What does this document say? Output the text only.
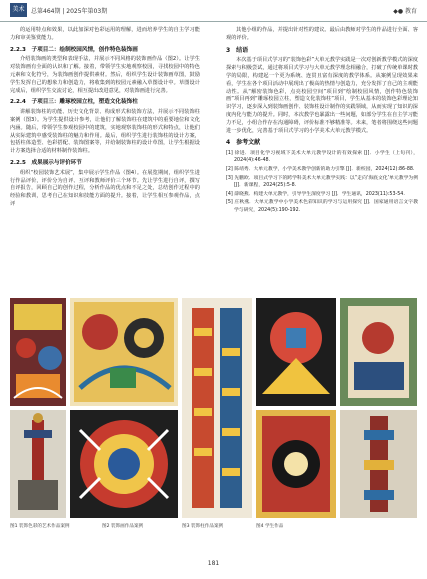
美术	总第464期 | 2025年第03期	◆● 教育

的运用特点和效果，以此加深对色彩运用的理解，进而培养学生的自主学习能力和审美鉴赏能力。

2.2.3　子项目二：绘制校园风情，创作特色装饰画

介绍装饰画的类型和表现手法，并展示不同风格的装饰画作品（图2）。让学生对装饰画有全面的认识和了解。接着，带领学生实地观察校园，寻找校园中的特色元素和文化符号，为装饰画创作提供素材。然后，组织学生设计装饰画草图，鼓励学生发挥自己的想象力和创造力，将收集到的校园元素融入草图设计中。草图设计完成后，组织学生交流讨论，相互提出改进意见，对装饰画进行完善。

2.2.4　子项目三：雕琢校园立柱，塑造文化装饰柱

讲解装饰柱的功能、历史文化背景、构成形式和装饰方法，并展示不同装饰柱案例（图3）。为学生提供设计参考，让他们了解装饰柱在建筑中的重要地位和文化内涵。随后，带领学生参观校园中的建筑，实地观察装饰柱的形式和特点，让他们从实际建筑中感受装饰柱的魅力和作用。最后，组织学生进行装饰柱的设计方案，包括柱体造型、色彩搭配、装饰图案等，并给制装饰柱的设计草图，让学生根据设计方案选择合适的材料制作装饰柱。

2.2.5　成果展示与评价环节

组织“校园装饰艺术展”，集中展示学生作品（图4）。在展览期间，组织学生进行作品评价，评价分为自评、互评和教师评价三个环节。先让学生进行自评，撰写自评报告，回顾自己的创作过程，分析作品的优点和不足之处，总结创作过程中的经验和教训，思考自己在知识和技能方面的提升。接着，让学生相互参观作品，点评

其他小组的作品，并提出针对性的建议。最后由教师对学生的作品进行全面、客观的评价。

3　结语

本次基于项目式学习的“装饰色彩”大单元教学实践是一次对创新教学模式的深度探索与积极尝试，通过将项目式学习与大单元教学理念相融合，打破了传统单课时教学的局限，构建起一个更为系统、连贯且富有深度的教学体系。从案例呈现效果来看，学生在各个项目活动中展现出了极高的热情与创造力，充分发挥了自己的主观能动性。从“解密装饰色彩，点亮校园空间”项目到“绘制校园风情，创作特色装饰画”项目再到“雕琢校园立柱，塑造文化装饰柱”项目，学生从基本的装饰色彩理论知识学习，逐步深入到装饰画创作、装饰柱设计制作的实践领域，从而实现了知识的深度内化与能力的提升。同时，本次教学也暴露出一些问题，如部分学生在自主学习能力不足，小组合作存在沟通障碍，评价标准不够精准等。未来，笔者将围绕这些问题进一步优化，完善基于项目式学习的小学美术大单元教学模式。

4　参考文献
[1] 徐进．项目化学习视域下美术大单元教学设计的有效探索 [J]．小学生（上旬刊），2024(4):46-48.
[2] 陈靖秀．大单元教学，小学美术教学创新的助力引擎 [J]．新校园，2024(12):86-88.
[3] 先鹏欧．项目式学习下的跨学科美术大单元教学实践：以“走向‘海底文化’单元教学为例 [J]．新课程，2024(25):5-8.
[4] 薛晓燕．构建大单元教学，引导学生深度学习 [J]．学生通讯，2023(11):53-54.
[5] 庄秋燕．大单元教学中小学美术色彩知识的学习与运用探究 [J]．国家通用语言文字教学与研究，2024(5):190-192.
图1 装饰色彩的艺术作品案例	图2 装饰画作品案例	图3 装饰柱作品案例	图4 学生作品
181
